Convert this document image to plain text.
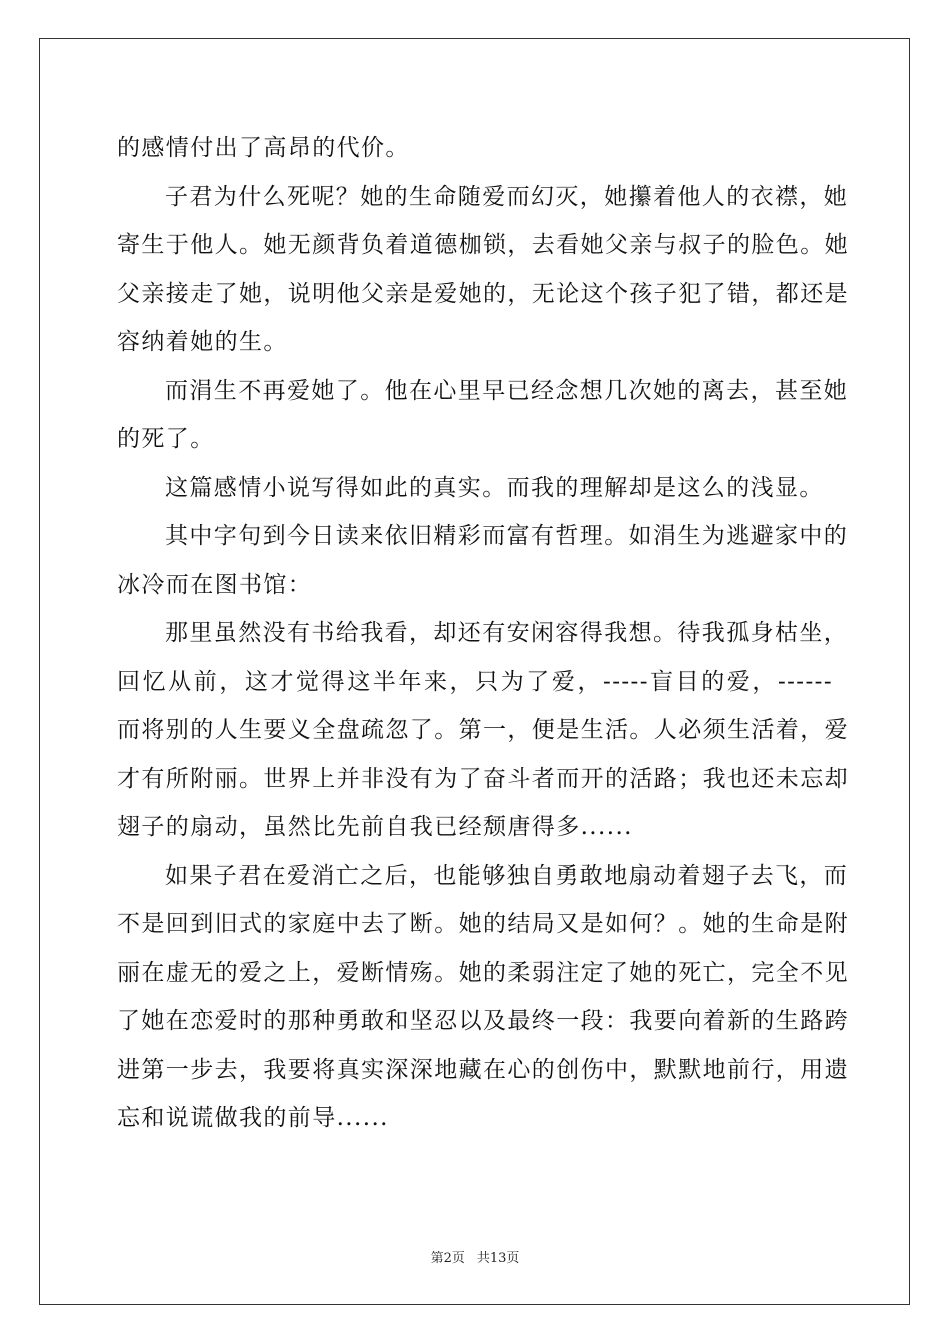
的感情付出了高昂的代价。
子君为什么死呢？她的生命随爱而幻灭，她攥着他人的衣襟，她
寄生于他人。她无颜背负着道德枷锁，去看她父亲与叔子的脸色。她
父亲接走了她，说明他父亲是爱她的，无论这个孩子犯了错，都还是
容纳着她的生。
而涓生不再爱她了。他在心里早已经念想几次她的离去，甚至她
的死了。
这篇感情小说写得如此的真实。而我的理解却是这么的浅显。
其中字句到今日读来依旧精彩而富有哲理。如涓生为逃避家中的
冰冷而在图书馆：
那里虽然没有书给我看，却还有安闲容得我想。待我孤身枯坐，
回忆从前，这才觉得这半年来，只为了爱，-----盲目的爱，------
而将别的人生要义全盘疏忽了。第一，便是生活。人必须生活着，爱
才有所附丽。世界上并非没有为了奋斗者而开的活路；我也还未忘却
翅子的扇动，虽然比先前自我已经颓唐得多......
如果子君在爱消亡之后，也能够独自勇敢地扇动着翅子去飞，而
不是回到旧式的家庭中去了断。她的结局又是如何？。她的生命是附
丽在虚无的爱之上，爱断情殇。她的柔弱注定了她的死亡，完全不见
了她在恋爱时的那种勇敢和坚忍以及最终一段：我要向着新的生路跨
进第一步去，我要将真实深深地藏在心的创伤中，默默地前行，用遗
忘和说谎做我的前导......
第2页 共13页
